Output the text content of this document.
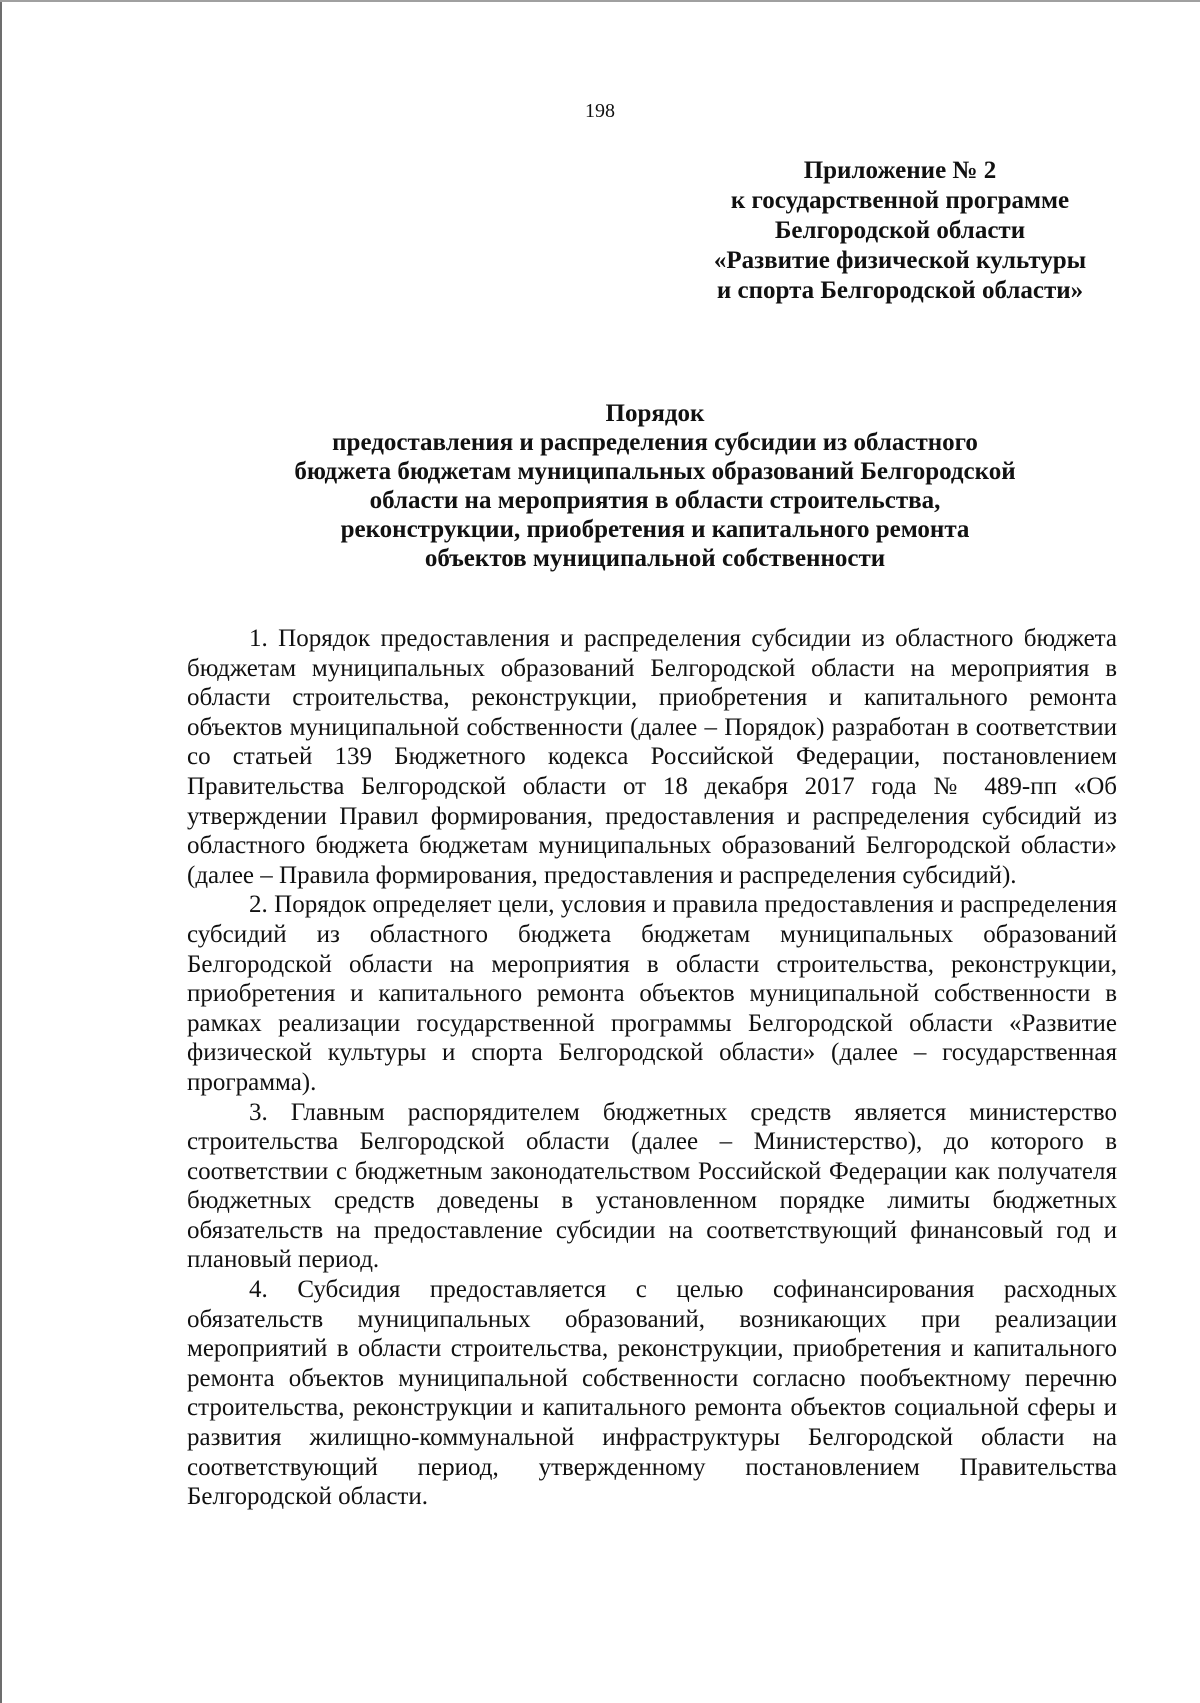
198
Приложение № 2
к государственной программе
Белгородской области
«Развитие физической культуры
и спорта Белгородской области»
Порядок
предоставления и распределения субсидии из областного
бюджета бюджетам муниципальных образований Белгородской
области на мероприятия в области строительства,
реконструкции, приобретения и капитального ремонта
объектов муниципальной собственности

1. Порядок предоставления и распределения субсидии из областного бюджета бюджетам муниципальных образований Белгородской области на мероприятия в области строительства, реконструкции, приобретения и капитального ремонта объектов муниципальной собственности (далее – Порядок) разработан в соответствии со статьей 139 Бюджетного кодекса Российской Федерации, постановлением Правительства Белгородской области от 18 декабря 2017 года № 489-пп «Об утверждении Правил формирования, предоставления и распределения субсидий из областного бюджета бюджетам муниципальных образований Белгородской области» (далее – Правила формирования, предоставления и распределения субсидий).

2. Порядок определяет цели, условия и правила предоставления и распределения субсидий из областного бюджета бюджетам муниципальных образований Белгородской области на мероприятия в области строительства, реконструкции, приобретения и капитального ремонта объектов муниципальной собственности в рамках реализации государственной программы Белгородской области «Развитие физической культуры и спорта Белгородской области» (далее – государственная программа).

3. Главным распорядителем бюджетных средств является министерство строительства Белгородской области (далее – Министерство), до которого в соответствии с бюджетным законодательством Российской Федерации как получателя бюджетных средств доведены в установленном порядке лимиты бюджетных обязательств на предоставление субсидии на соответствующий финансовый год и плановый период.

4. Субсидия предоставляется с целью софинансирования расходных обязательств муниципальных образований, возникающих при реализации мероприятий в области строительства, реконструкции, приобретения и капитального ремонта объектов муниципальной собственности согласно пообъектному перечню строительства, реконструкции и капитального ремонта объектов социальной сферы и развития жилищно-коммунальной инфраструктуры Белгородской области на соответствующий период, утвержденному постановлением Правительства Белгородской области.
